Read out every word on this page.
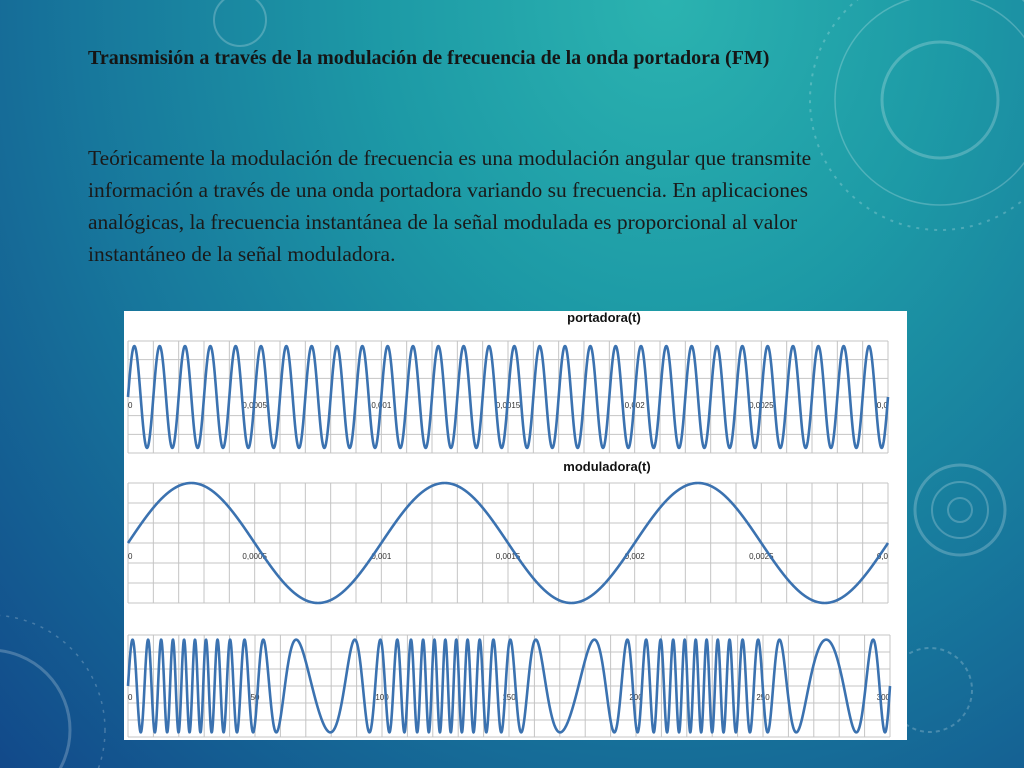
Transmisión a través de la modulación de frecuencia de la onda portadora (FM)

Teóricamente la modulación de frecuencia es una modulación angular que transmite información a través de una onda portadora variando su frecuencia. En aplicaciones analógicas, la frecuencia instantánea de la señal modulada es proporcional al valor instantáneo de la señal moduladora.

portadora(t)
0	0,0005	0,001	0,0015	0,002	0,0025	0,0
moduladora(t)
0	0,0005	0,001	0,0015	0,002	0,0025	0,0
0	50	100	150	200	250	300
